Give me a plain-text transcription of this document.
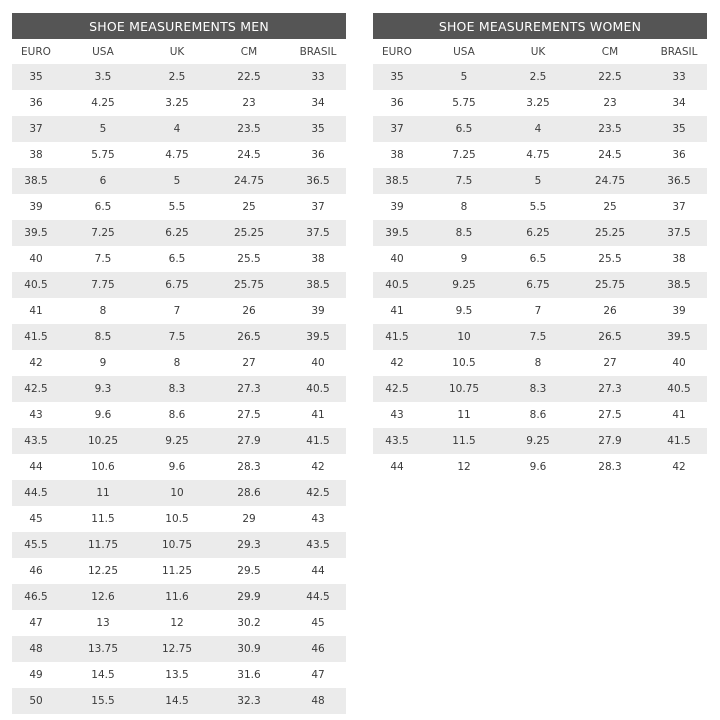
SHOE MEASUREMENTS MEN
EURO	USA	UK	CM	BRASIL
35	3.5	2.5	22.5	33
36	4.25	3.25	23	34
37	5	4	23.5	35
38	5.75	4.75	24.5	36
38.5	6	5	24.75	36.5
39	6.5	5.5	25	37
39.5	7.25	6.25	25.25	37.5
40	7.5	6.5	25.5	38
40.5	7.75	6.75	25.75	38.5
41	8	7	26	39
41.5	8.5	7.5	26.5	39.5
42	9	8	27	40
42.5	9.3	8.3	27.3	40.5
43	9.6	8.6	27.5	41
43.5	10.25	9.25	27.9	41.5
44	10.6	9.6	28.3	42
44.5	11	10	28.6	42.5
45	11.5	10.5	29	43
45.5	11.75	10.75	29.3	43.5
46	12.25	11.25	29.5	44
46.5	12.6	11.6	29.9	44.5
47	13	12	30.2	45
48	13.75	12.75	30.9	46
49	14.5	13.5	31.6	47
50	15.5	14.5	32.3	48
SHOE MEASUREMENTS WOMEN
EURO	USA	UK	CM	BRASIL
35	5	2.5	22.5	33
36	5.75	3.25	23	34
37	6.5	4	23.5	35
38	7.25	4.75	24.5	36
38.5	7.5	5	24.75	36.5
39	8	5.5	25	37
39.5	8.5	6.25	25.25	37.5
40	9	6.5	25.5	38
40.5	9.25	6.75	25.75	38.5
41	9.5	7	26	39
41.5	10	7.5	26.5	39.5
42	10.5	8	27	40
42.5	10.75	8.3	27.3	40.5
43	11	8.6	27.5	41
43.5	11.5	9.25	27.9	41.5
44	12	9.6	28.3	42
